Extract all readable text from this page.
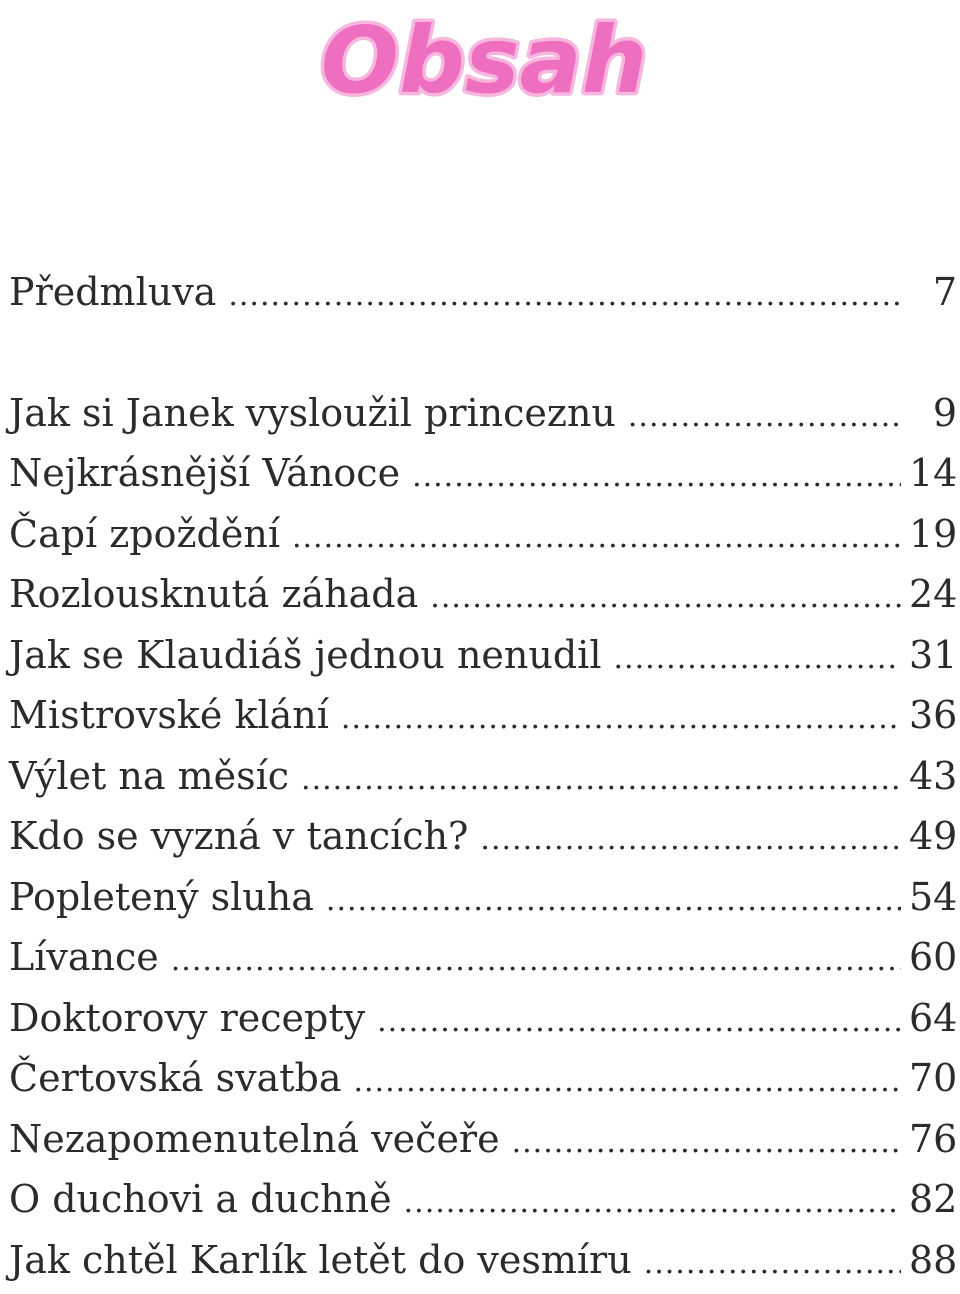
Obsah
Předmluva .....	7
Jak si Janek vysloužil princeznu .....	9
Nejkrásnější Vánoce .....	14
Čapí zpoždění .....	19
Rozlousknutá záhada .....	24
Jak se Klaudiáš jednou nenudil .....	31
Mistrovské klání .....	36
Výlet na měsíc .....	43
Kdo se vyzná v tancích? .....	49
Popletený sluha .....	54
Lívance .....	60
Doktorovy recepty .....	64
Čertovská svatba .....	70
Nezapomenutelná večeře .....	76
O duchovi a duchně .....	82
Jak chtěl Karlík letět do vesmíru .....	88
